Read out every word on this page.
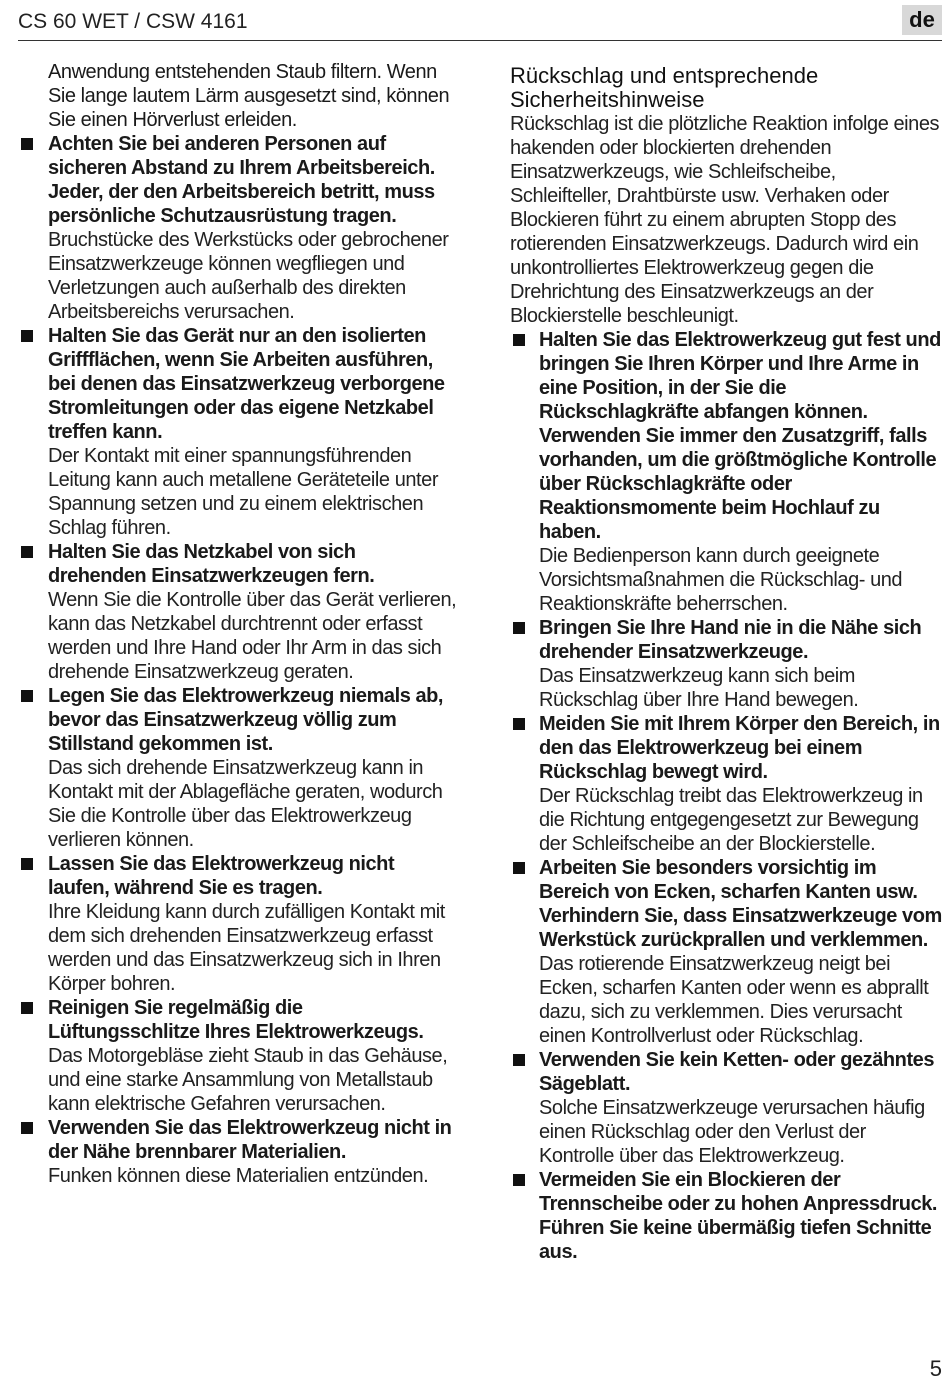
CS 60 WET / CSW 4161	de

Anwendung entstehenden Staub filtern. Wenn Sie lange lautem Lärm ausgesetzt sind, können Sie einen Hörverlust erleiden.

Achten Sie bei anderen Personen auf sicheren Abstand zu Ihrem Arbeitsbereich. Jeder, der den Arbeitsbereich betritt, muss persönliche Schutzausrüstung tragen.

Bruchstücke des Werkstücks oder gebrochener Einsatzwerkzeuge können wegfliegen und Verletzungen auch außerhalb des direkten Arbeitsbereichs verursachen.

Halten Sie das Gerät nur an den isolierten Griffflächen, wenn Sie Arbeiten ausführen, bei denen das Einsatzwerkzeug verborgene Stromleitungen oder das eigene Netzkabel treffen kann.

Der Kontakt mit einer spannungsführenden Leitung kann auch metallene Geräteteile unter Spannung setzen und zu einem elektrischen Schlag führen.

Halten Sie das Netzkabel von sich drehenden Einsatzwerkzeugen fern.

Wenn Sie die Kontrolle über das Gerät verlieren, kann das Netzkabel durchtrennt oder erfasst werden und Ihre Hand oder Ihr Arm in das sich drehende Einsatzwerkzeug geraten.

Legen Sie das Elektrowerkzeug niemals ab, bevor das Einsatzwerkzeug völlig zum Stillstand gekommen ist.

Das sich drehende Einsatzwerkzeug kann in Kontakt mit der Ablagefläche geraten, wodurch Sie die Kontrolle über das Elektrowerkzeug verlieren können.

Lassen Sie das Elektrowerkzeug nicht laufen, während Sie es tragen.

Ihre Kleidung kann durch zufälligen Kontakt mit dem sich drehenden Einsatzwerkzeug erfasst werden und das Einsatzwerkzeug sich in Ihren Körper bohren.

Reinigen Sie regelmäßig die Lüftungsschlitze Ihres Elektrowerkzeugs.

Das Motorgebläse zieht Staub in das Gehäuse, und eine starke Ansammlung von Metallstaub kann elektrische Gefahren verursachen.

Verwenden Sie das Elektrowerkzeug nicht in der Nähe brennbarer Materialien.

Funken können diese Materialien entzünden.

Rückschlag und entsprechende Sicherheitshinweise

Rückschlag ist die plötzliche Reaktion infolge eines hakenden oder blockierten drehenden Einsatzwerkzeugs, wie Schleifscheibe, Schleifteller, Drahtbürste usw. Verhaken oder Blockieren führt zu einem abrupten Stopp des rotierenden Einsatzwerkzeugs. Dadurch wird ein unkontrolliertes Elektrowerkzeug gegen die Drehrichtung des Einsatzwerkzeugs an der Blockierstelle beschleunigt.

Halten Sie das Elektrowerkzeug gut fest und bringen Sie Ihren Körper und Ihre Arme in eine Position, in der Sie die Rückschlagkräfte abfangen können. Verwenden Sie immer den Zusatzgriff, falls vorhanden, um die größtmögliche Kontrolle über Rückschlagkräfte oder Reaktionsmomente beim Hochlauf zu haben.

Die Bedienperson kann durch geeignete Vorsichtsmaßnahmen die Rückschlag- und Reaktionskräfte beherrschen.

Bringen Sie Ihre Hand nie in die Nähe sich drehender Einsatzwerkzeuge.

Das Einsatzwerkzeug kann sich beim Rückschlag über Ihre Hand bewegen.

Meiden Sie mit Ihrem Körper den Bereich, in den das Elektrowerkzeug bei einem Rückschlag bewegt wird.

Der Rückschlag treibt das Elektrowerkzeug in die Richtung entgegengesetzt zur Bewegung der Schleifscheibe an der Blockierstelle.

Arbeiten Sie besonders vorsichtig im Bereich von Ecken, scharfen Kanten usw. Verhindern Sie, dass Einsatzwerkzeuge vom Werkstück zurückprallen und verklemmen.

Das rotierende Einsatzwerkzeug neigt bei Ecken, scharfen Kanten oder wenn es abprallt dazu, sich zu verklemmen. Dies verursacht einen Kontrollverlust oder Rückschlag.

Verwenden Sie kein Ketten- oder gezähntes Sägeblatt.

Solche Einsatzwerkzeuge verursachen häufig einen Rückschlag oder den Verlust der Kontrolle über das Elektrowerkzeug.

Vermeiden Sie ein Blockieren der Trennscheibe oder zu hohen Anpressdruck. Führen Sie keine übermäßig tiefen Schnitte aus.

5
